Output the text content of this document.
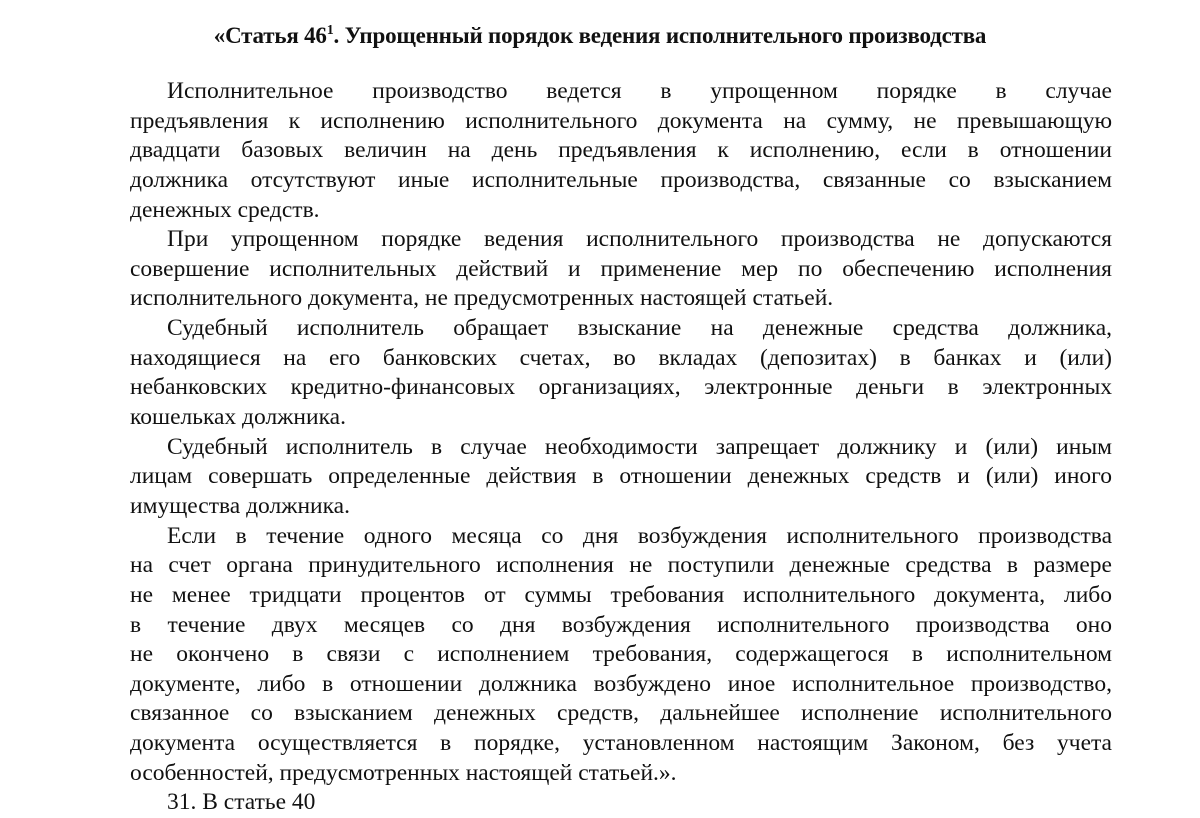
«Статья $46^1$. Упрощенный порядок ведения исполнительного производства
Исполнительное производство ведется в упрощенном порядке в случае
предъявления к исполнению исполнительного документа на сумму, не превышающую
двадцати базовых величин на день предъявления к исполнению, если в отношении
должника отсутствуют иные исполнительные производства, связанные со взысканием
денежных средств.
При упрощенном порядке ведения исполнительного производства не допускаются
совершение исполнительных действий и применение мер по обеспечению исполнения
исполнительного документа, не предусмотренных настоящей статьей.
Судебный исполнитель обращает взыскание на денежные средства должника,
находящиеся на его банковских счетах, во вкладах (депозитах) в банках и (или)
небанковских кредитно-финансовых организациях, электронные деньги в электронных
кошельках должника.
Судебный исполнитель в случае необходимости запрещает должнику и (или) иным
лицам совершать определенные действия в отношении денежных средств и (или) иного
имущества должника.
Если в течение одного месяца со дня возбуждения исполнительного производства
на счет органа принудительного исполнения не поступили денежные средства в размере
не менее тридцати процентов от суммы требования исполнительного документа, либо
в течение двух месяцев со дня возбуждения исполнительного производства оно
не окончено в связи с исполнением требования, содержащегося в исполнительном
документе, либо в отношении должника возбуждено иное исполнительное производство,
связанное со взысканием денежных средств, дальнейшее исполнение исполнительного
документа осуществляется в порядке, установленном настоящим Законом, без учета
особенностей, предусмотренных настоящей статьей.».
31. В статье 40
